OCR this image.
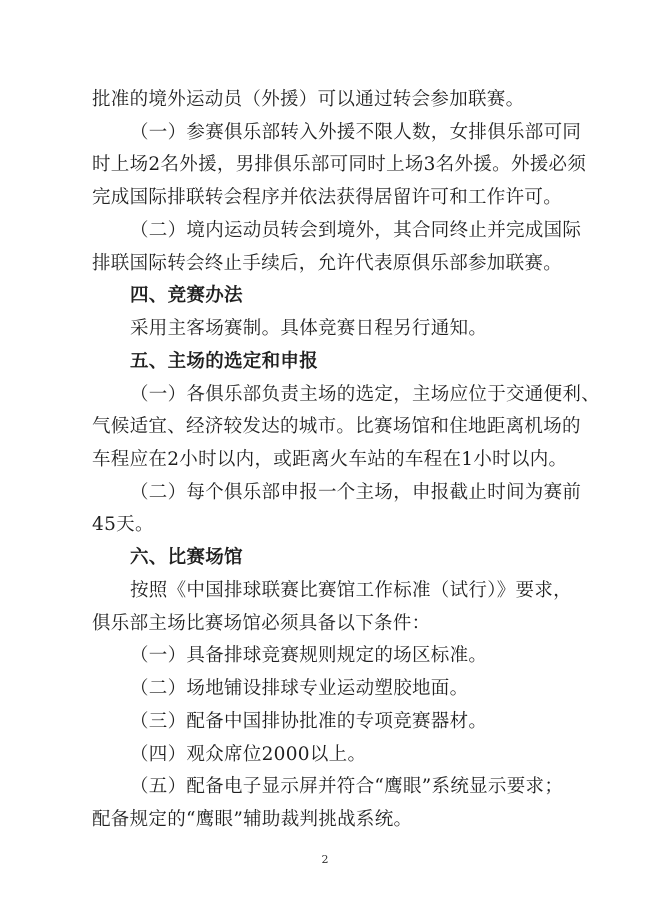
2
批准的境外运动员（外援）可以通过转会参加联赛。
（一）参赛俱乐部转入外援不限人数，女排俱乐部可同
时上场2名外援，男排俱乐部可同时上场3名外援。外援必须
完成国际排联转会程序并依法获得居留许可和工作许可。
（二）境内运动员转会到境外，其合同终止并完成国际
排联国际转会终止手续后，允许代表原俱乐部参加联赛。
四、竞赛办法
采用主客场赛制。具体竞赛日程另行通知。
五、主场的选定和申报
（一）各俱乐部负责主场的选定，主场应位于交通便利、
气候适宜、经济较发达的城市。比赛场馆和住地距离机场的
车程应在2小时以内，或距离火车站的车程在1小时以内。
（二）每个俱乐部申报一个主场，申报截止时间为赛前
45天。
六、比赛场馆
按照《中国排球联赛比赛馆工作标准（试行）》要求，
俱乐部主场比赛场馆必须具备以下条件：
（一）具备排球竞赛规则规定的场区标准。
（二）场地铺设排球专业运动塑胶地面。
（三）配备中国排协批准的专项竞赛器材。
（四）观众席位2000以上。
（五）配备电子显示屏并符合“鹰眼”系统显示要求；
配备规定的“鹰眼”辅助裁判挑战系统。
